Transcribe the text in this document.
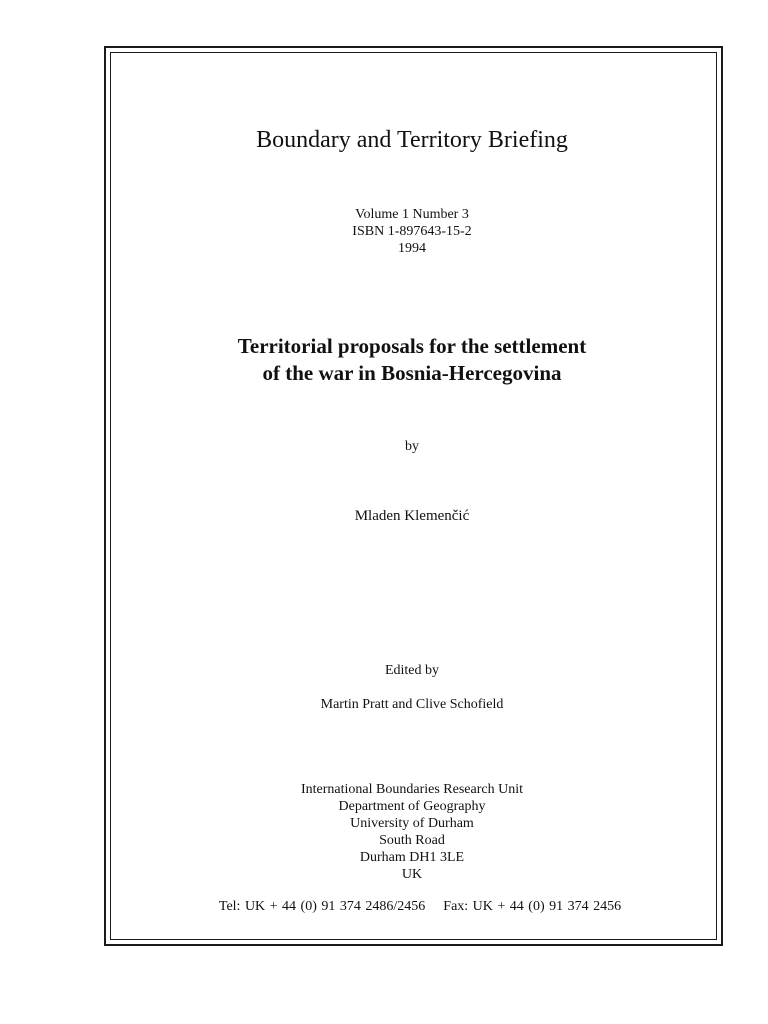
Boundary and Territory Briefing
Volume 1 Number 3
ISBN 1-897643-15-2
1994
Territorial proposals for the settlement
of the war in Bosnia-Hercegovina
by
Mladen Klemenčić
Edited by
Martin Pratt and Clive Schofield
International Boundaries Research Unit
Department of Geography
University of Durham
South Road
Durham DH1 3LE
UK
Tel: UK + 44 (0) 91 374 2486/2456 Fax: UK + 44 (0) 91 374 2456
